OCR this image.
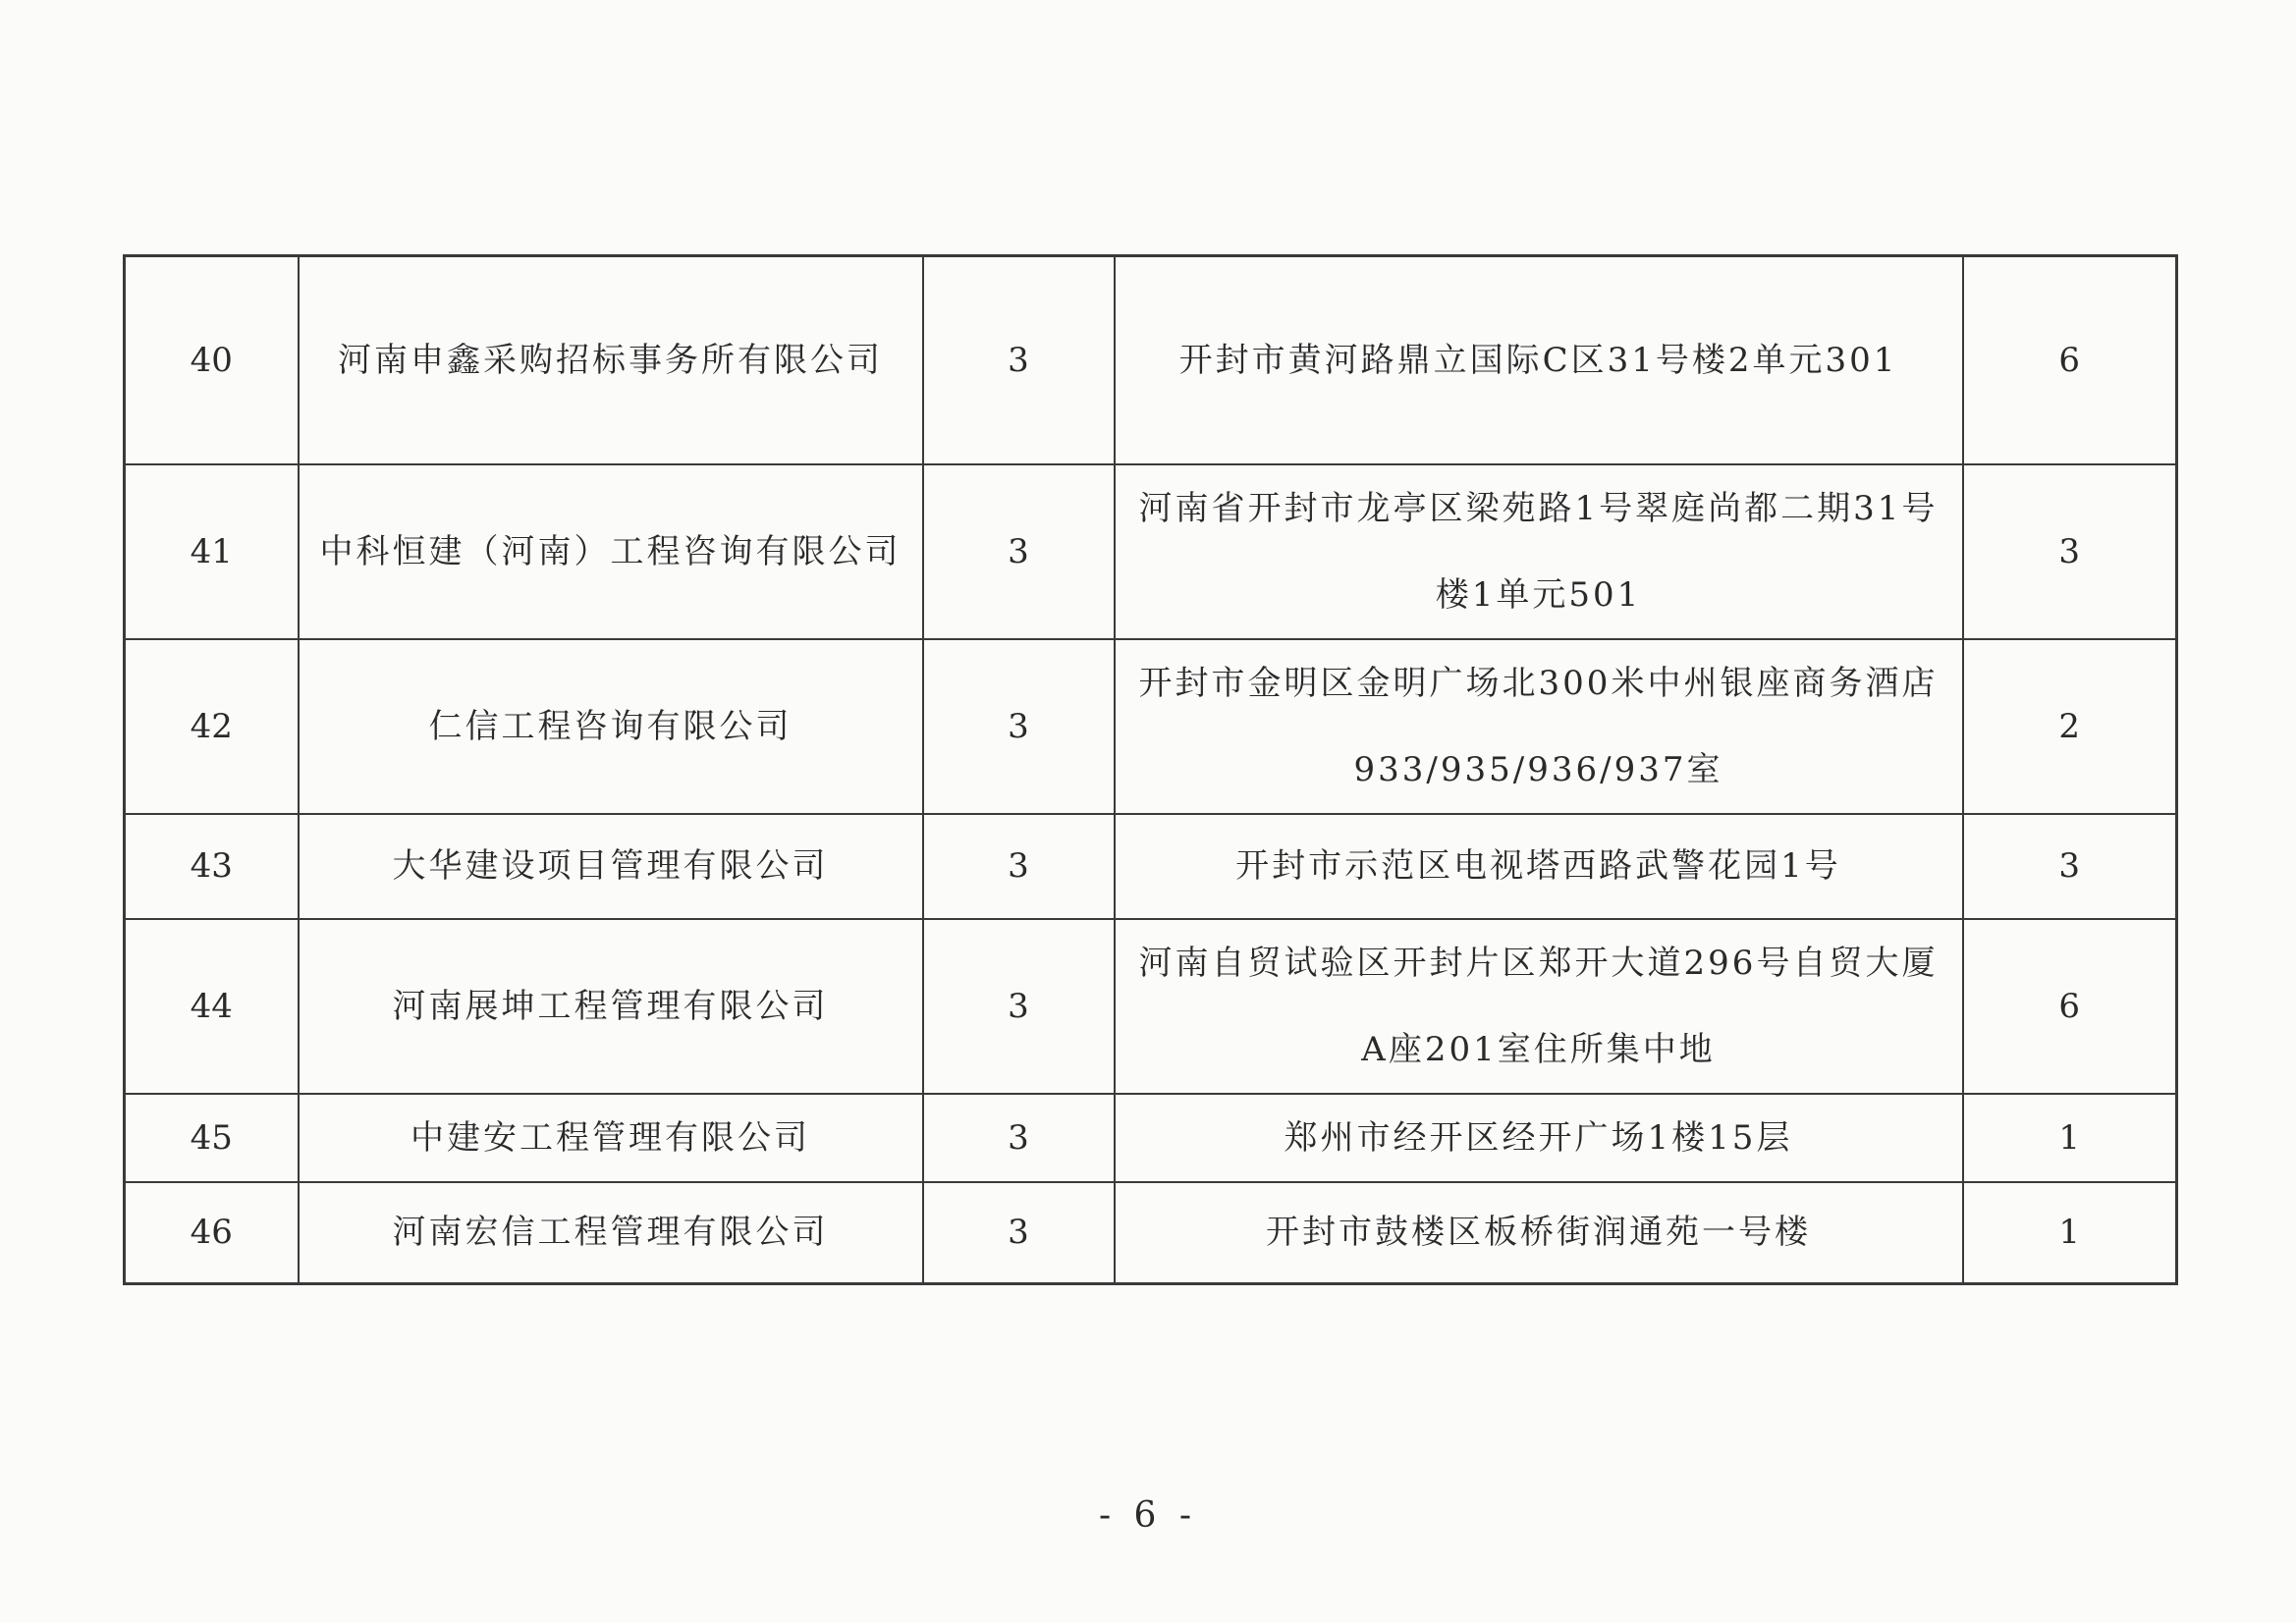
40	河南申鑫采购招标事务所有限公司	3	开封市黄河路鼎立国际C区31号楼2单元301	6
41	中科恒建（河南）工程咨询有限公司	3	河南省开封市龙亭区梁苑路1号翠庭尚都二期31号楼1单元501	3
42	仁信工程咨询有限公司	3	开封市金明区金明广场北300米中州银座商务酒店933/935/936/937室	2
43	大华建设项目管理有限公司	3	开封市示范区电视塔西路武警花园1号	3
44	河南展坤工程管理有限公司	3	河南自贸试验区开封片区郑开大道296号自贸大厦A座201室住所集中地	6
45	中建安工程管理有限公司	3	郑州市经开区经开广场1楼15层	1
46	河南宏信工程管理有限公司	3	开封市鼓楼区板桥街润通苑一号楼	1
- 6 -
